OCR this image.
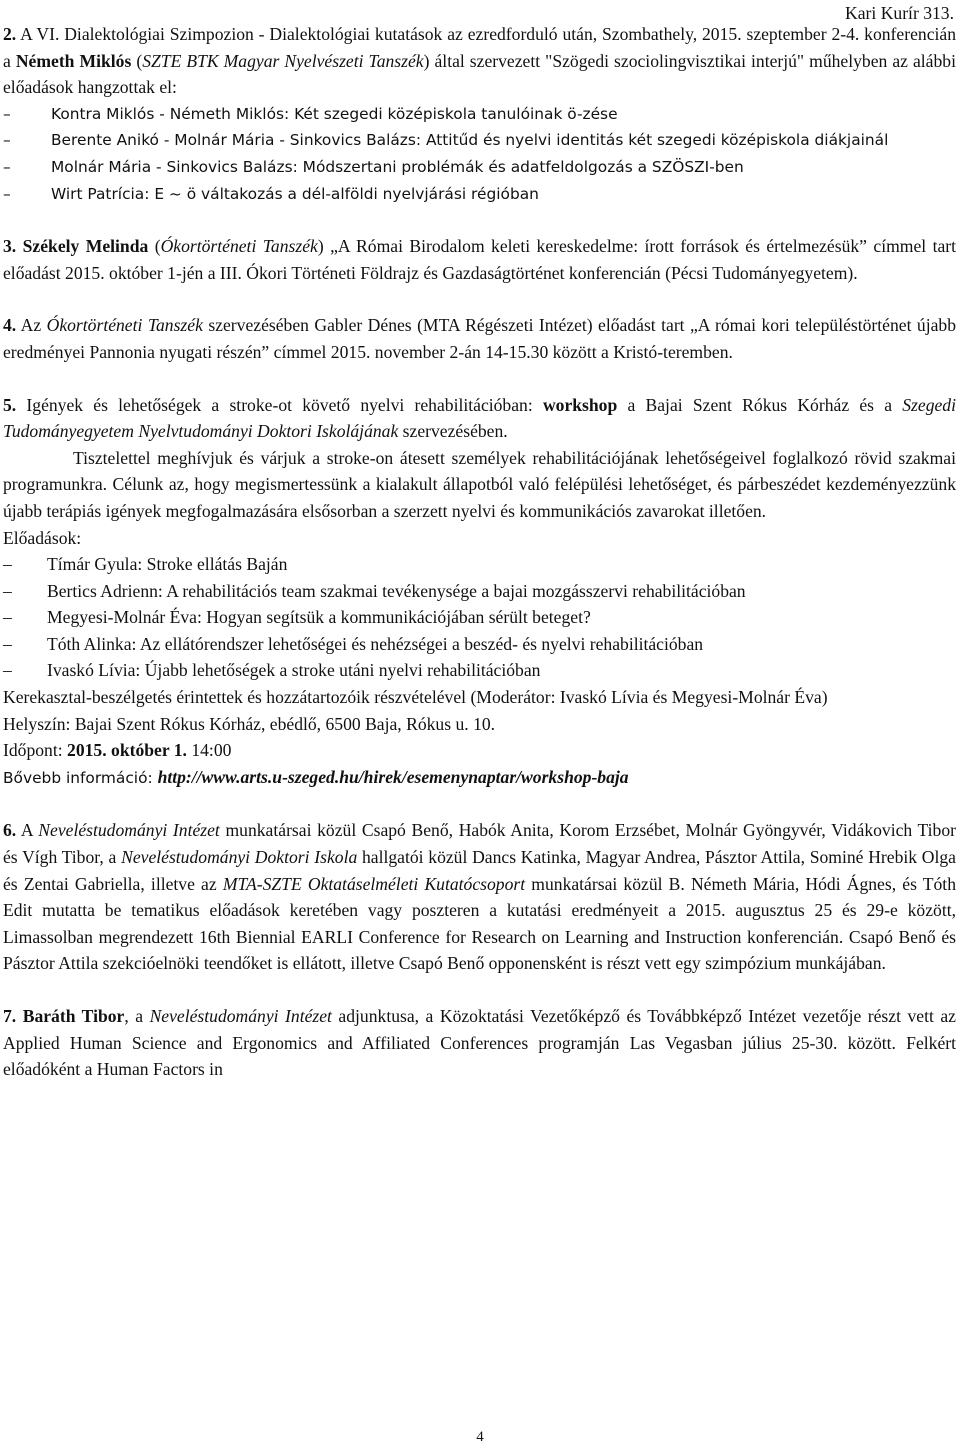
Kari Kurír 313.

2. A VI. Dialektológiai Szimpozion - Dialektológiai kutatások az ezredforduló után, Szombathely, 2015. szeptember 2-4. konferencián a Németh Miklós (SZTE BTK Magyar Nyelvészeti Tanszék) által szervezett "Szögedi szociolingvisztikai interjú" műhelyben az alábbi előadások hangzottak el:

–	Kontra Miklós - Németh Miklós: Két szegedi középiskola tanulóinak ö-zése

–	Berente Anikó - Molnár Mária - Sinkovics Balázs: Attitűd és nyelvi identitás két szegedi középiskola diákjainál

–	Molnár Mária - Sinkovics Balázs: Módszertani problémák és adatfeldolgozás a SZÖSZI-ben

–	Wirt Patrícia: E ~ ö váltakozás a dél-alföldi nyelvjárási régióban

3. Székely Melinda (Ókortörténeti Tanszék) „A Római Birodalom keleti kereskedelme: írott források és értelmezésük” címmel tart előadást 2015. október 1-jén a III. Ókori Történeti Földrajz és Gazdaságtörténet konferencián (Pécsi Tudományegyetem).

4. Az Ókortörténeti Tanszék szervezésében Gabler Dénes (MTA Régészeti Intézet) előadást tart „A római kori településtörténet újabb eredményei Pannonia nyugati részén” címmel 2015. november 2-án 14-15.30 között a Kristó-teremben.

5. Igények és lehetőségek a stroke-ot követő nyelvi rehabilitációban: workshop a Bajai Szent Rókus Kórház és a Szegedi Tudományegyetem Nyelvtudományi Doktori Iskolájának szervezésében.

Tisztelettel meghívjuk és várjuk a stroke-on átesett személyek rehabilitációjának lehetőségeivel foglalkozó rövid szakmai programunkra. Célunk az, hogy megismertessünk a kialakult állapotból való felépülési lehetőséget, és párbeszédet kezdeményezzünk újabb terápiás igények megfogalmazására elsősorban a szerzett nyelvi és kommunikációs zavarokat illetően.

Előadások:

–	Tímár Gyula: Stroke ellátás Baján

–	Bertics Adrienn: A rehabilitációs team szakmai tevékenysége a bajai mozgásszervi rehabilitációban

–	Megyesi-Molnár Éva: Hogyan segítsük a kommunikációjában sérült beteget?

–	Tóth Alinka: Az ellátórendszer lehetőségei és nehézségei a beszéd- és nyelvi rehabilitációban

–	Ivaskó Lívia: Újabb lehetőségek a stroke utáni nyelvi rehabilitációban

Kerekasztal-beszélgetés érintettek és hozzátartozóik részvételével (Moderátor: Ivaskó Lívia és Megyesi-Molnár Éva)

Helyszín: Bajai Szent Rókus Kórház, ebédlő, 6500 Baja, Rókus u. 10.

Időpont: 2015. október 1. 14:00

Bővebb információ: http://www.arts.u-szeged.hu/hirek/esemenynaptar/workshop-baja

6. A Neveléstudományi Intézet munkatársai közül Csapó Benő, Habók Anita, Korom Erzsébet, Molnár Gyöngyvér, Vidákovich Tibor és Vígh Tibor, a Neveléstudományi Doktori Iskola hallgatói közül Dancs Katinka, Magyar Andrea, Pásztor Attila, Sominé Hrebik Olga és Zentai Gabriella, illetve az MTA-SZTE Oktatáselméleti Kutatócsoport munkatársai közül B. Németh Mária, Hódi Ágnes, és Tóth Edit mutatta be tematikus előadások keretében vagy poszteren a kutatási eredményeit a 2015. augusztus 25 és 29-e között, Limassolban megrendezett 16th Biennial EARLI Conference for Research on Learning and Instruction konferencián. Csapó Benő és Pásztor Attila szekcióelnöki teendőket is ellátott, illetve Csapó Benő opponensként is részt vett egy szimpózium munkájában.

7. Baráth Tibor, a Neveléstudományi Intézet adjunktusa, a Közoktatási Vezetőképző és Továbbképző Intézet vezetője részt vett az Applied Human Science and Ergonomics and Affiliated Conferences programján Las Vegasban július 25-30. között. Felkért előadóként a Human Factors in

4
